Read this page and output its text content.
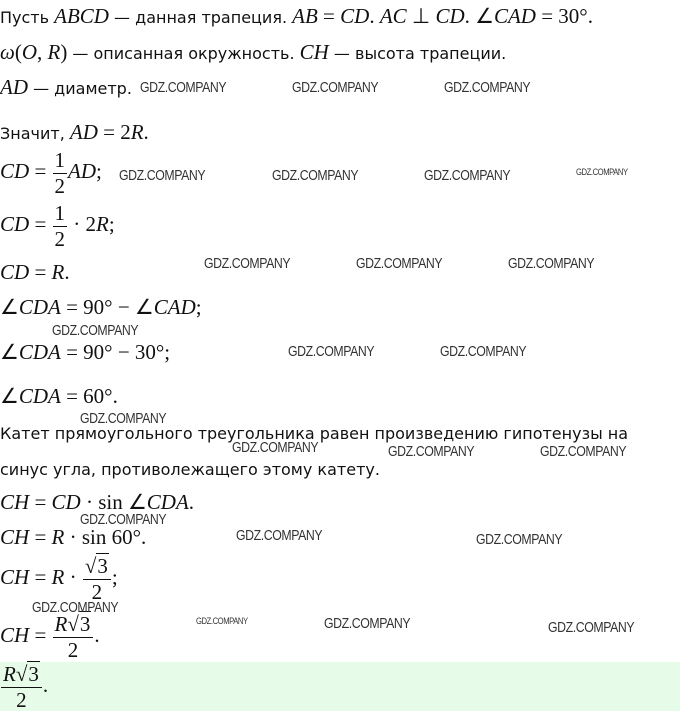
Пусть ABCD — данная трапеция. AB = CD. AC ⊥ CD. ∠CAD = 30°.
ω(O, R) — описанная окружность. CH — высота трапеции.
AD — диаметр.
Значит, AD = 2R.
CD = $\frac{1}{2}$ AD;
CD = $\frac{1}{2} \cdot 2R$;
CD = R.
∠CDA = 90° − ∠CAD;
∠CDA = 90° − 30°;
∠CDA = 60°.
Катет прямоугольного треугольника равен произведению гипотенузы на
синус угла, противолежащего этому катету.
CH = CD · sin ∠CDA.
CH = R · sin 60°.
CH = $R \cdot \frac{√3}{2}$ ;
CH = $\frac{R√3}{2}$ .
$\frac{R√3}{2}$ .
GDZ.COMPANY	GDZ.COMPANY	GDZ.COMPANY
GDZ.COMPANY	GDZ.COMPANY	GDZ.COMPANY	GDZ.COMPANY
GDZ.COMPANY	GDZ.COMPANY	GDZ.COMPANY
GDZ.COMPANY
GDZ.COMPANY	GDZ.COMPANY
GDZ.COMPANY
GDZ.COMPANY	GDZ.COMPANY	GDZ.COMPANY
GDZ.COMPANY
GDZ.COMPANY	GDZ.COMPANY
GDZ.COMPANY
GDZ.COMPANY	GDZ.COMPANY	GDZ.COMPANY
